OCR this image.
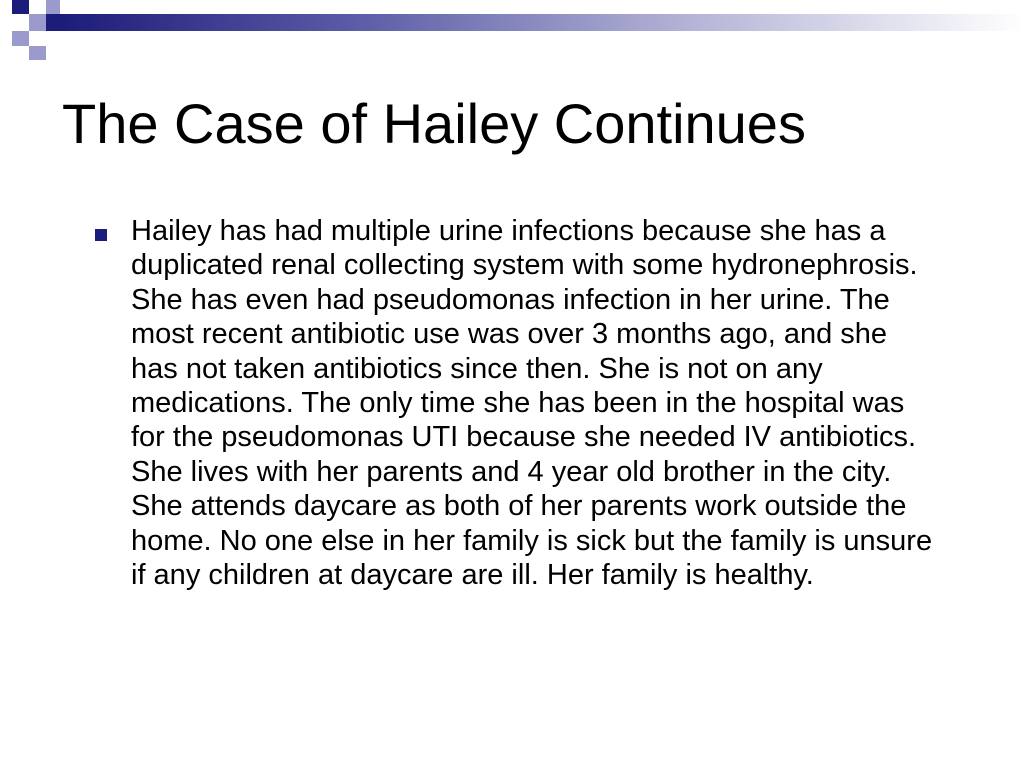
The Case of Hailey Continues

Hailey has had multiple urine infections because she has a duplicated renal collecting system with some hydronephrosis. She has even had pseudomonas infection in her urine. The most recent antibiotic use was over 3 months ago, and she has not taken antibiotics since then. She is not on any medications. The only time she has been in the hospital was for the pseudomonas UTI because she needed IV antibiotics. She lives with her parents and 4 year old brother in the city. She attends daycare as both of her parents work outside the home. No one else in her family is sick but the family is unsure if any children at daycare are ill. Her family is healthy.
